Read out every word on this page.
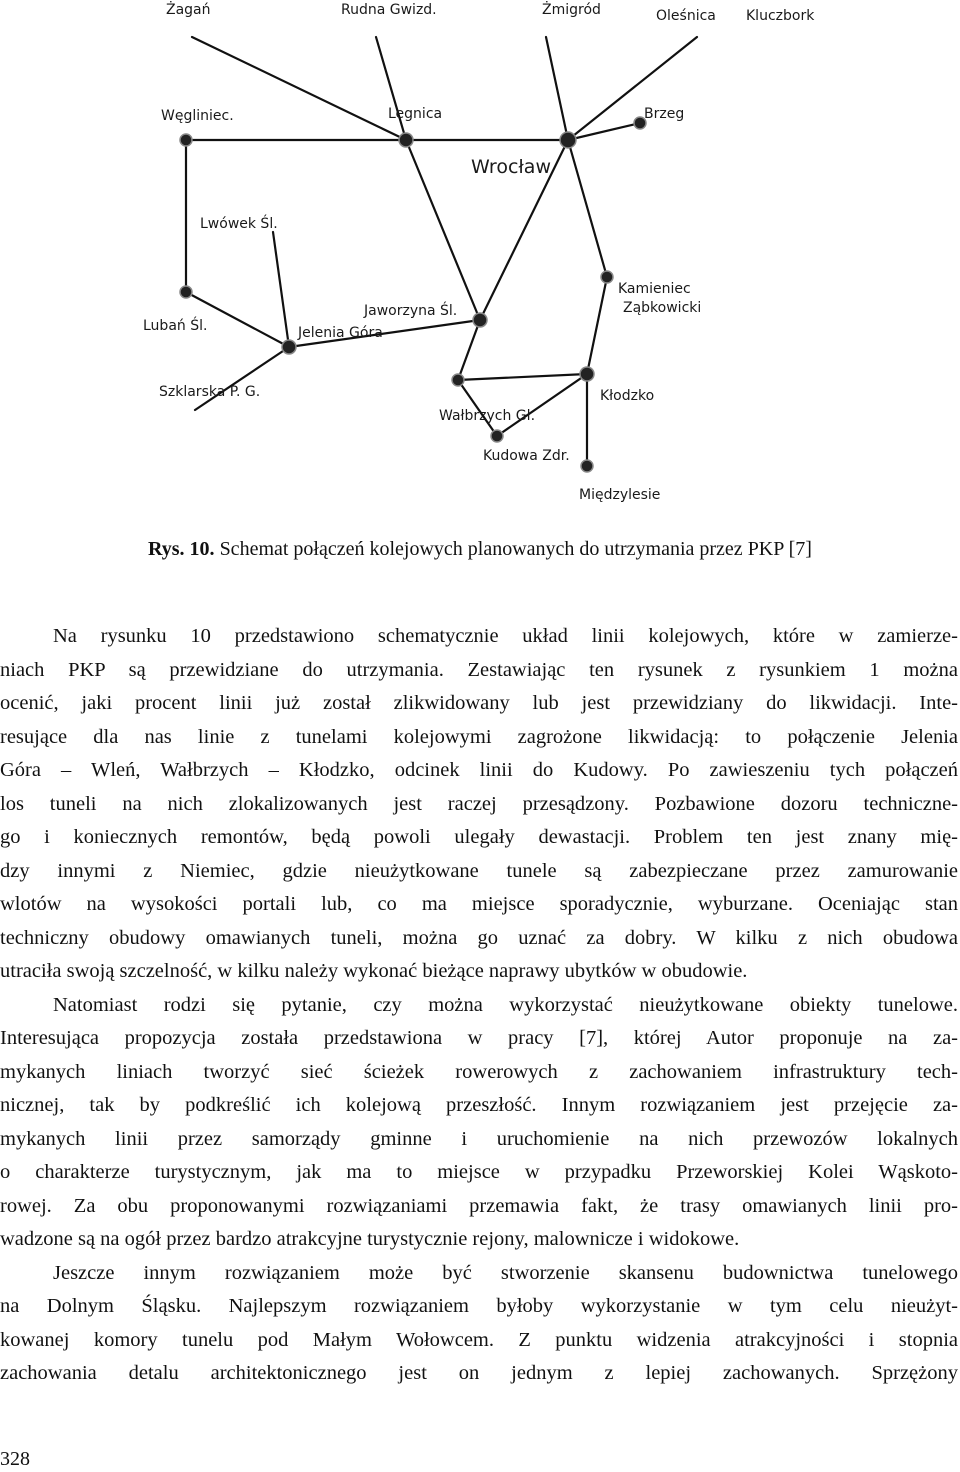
Żagań	Rudna Gwizd.	Żmigród	Oleśnica Kluczbork
Węgliniec.	Legnica	Brzeg
Wrocław
Lwówek Śl.
Kamieniec
Ząbkowicki
Jaworzyna Śl.
Lubań Śl.	Jelenia Góra
Szklarska P. G.	Kłodzko
Wałbrzych Gł.
Kudowa Zdr.
Międzylesie
Rys. 10. Schemat połączeń kolejowych planowanych do utrzymania przez PKP [7]
Na rysunku 10 przedstawiono schematycznie układ linii kolejowych, które w zamierze-
niach PKP są przewidziane do utrzymania. Zestawiając ten rysunek z rysunkiem 1 można
ocenić, jaki procent linii już został zlikwidowany lub jest przewidziany do likwidacji. Inte-
resujące dla nas linie z tunelami kolejowymi zagrożone likwidacją: to połączenie Jelenia
Góra – Wleń, Wałbrzych – Kłodzko, odcinek linii do Kudowy. Po zawieszeniu tych połączeń
los tuneli na nich zlokalizowanych jest raczej przesądzony. Pozbawione dozoru techniczne-
go i koniecznych remontów, będą powoli ulegały dewastacji. Problem ten jest znany mię-
dzy innymi z Niemiec, gdzie nieużytkowane tunele są zabezpieczane przez zamurowanie
wlotów na wysokości portali lub, co ma miejsce sporadycznie, wyburzane. Oceniając stan
techniczny obudowy omawianych tuneli, można go uznać za dobry. W kilku z nich obudowa
utraciła swoją szczelność, w kilku należy wykonać bieżące naprawy ubytków w obudowie.
Natomiast rodzi się pytanie, czy można wykorzystać nieużytkowane obiekty tunelowe.
Interesująca propozycja została przedstawiona w pracy [7], której Autor proponuje na za-
mykanych liniach tworzyć sieć ścieżek rowerowych z zachowaniem infrastruktury tech-
nicznej, tak by podkreślić ich kolejową przeszłość. Innym rozwiązaniem jest przejęcie za-
mykanych linii przez samorządy gminne i uruchomienie na nich przewozów lokalnych
o charakterze turystycznym, jak ma to miejsce w przypadku Przeworskiej Kolei Wąskoto-
rowej. Za obu proponowanymi rozwiązaniami przemawia fakt, że trasy omawianych linii pro-
wadzone są na ogół przez bardzo atrakcyjne turystycznie rejony, malownicze i widokowe.
Jeszcze innym rozwiązaniem może być stworzenie skansenu budownictwa tunelowego
na Dolnym Śląsku. Najlepszym rozwiązaniem byłoby wykorzystanie w tym celu nieużyt-
kowanej komory tunelu pod Małym Wołowcem. Z punktu widzenia atrakcyjności i stopnia
zachowania detalu architektonicznego jest on jednym z lepiej zachowanych. Sprzężony
328
